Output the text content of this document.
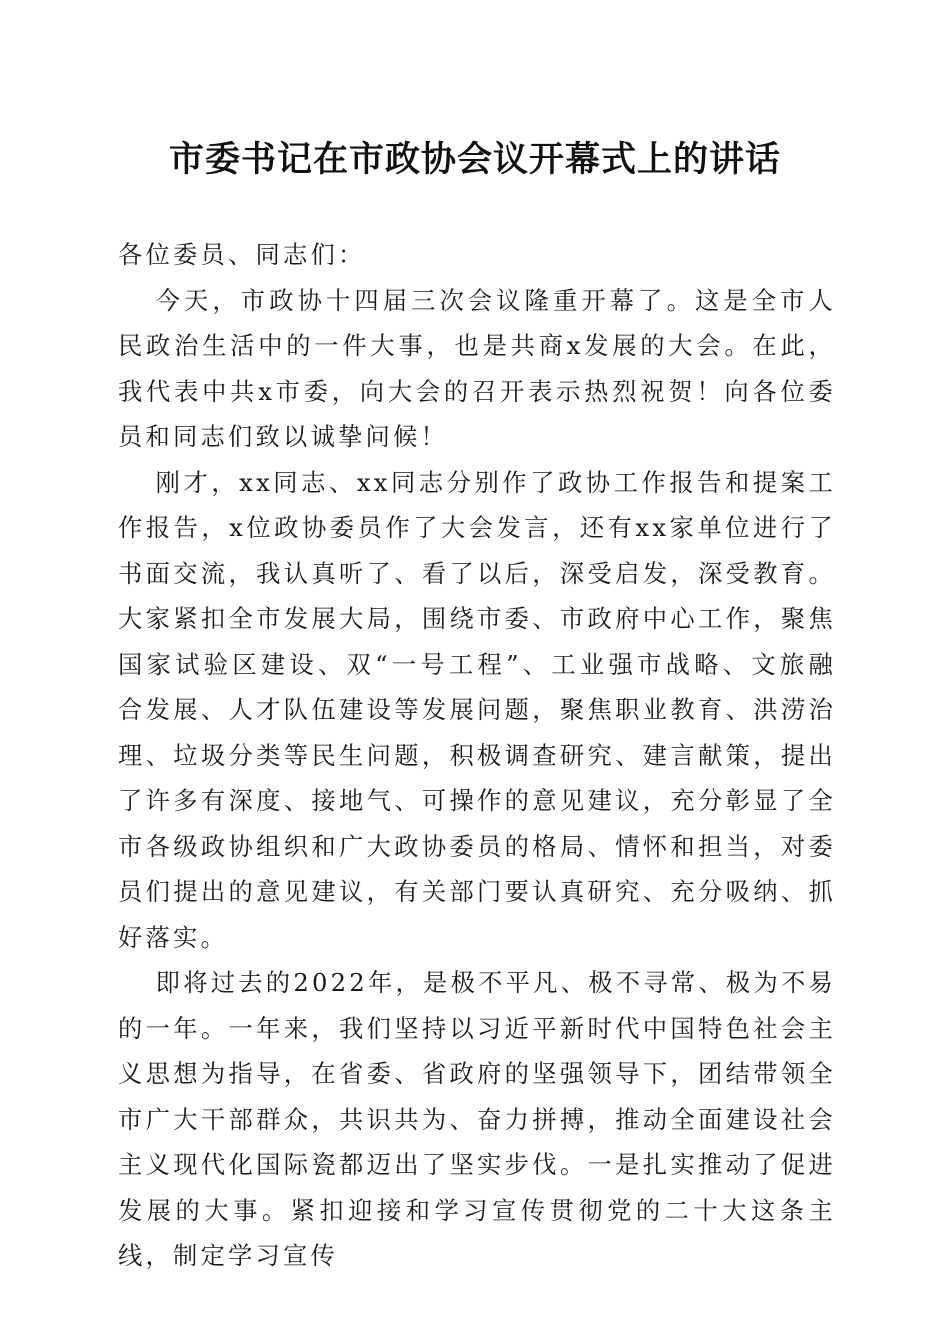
市委书记在市政协会议开幕式上的讲话

各位委员、同志们：

今天，市政协十四届三次会议隆重开幕了。这是全市人民政治生活中的一件大事，也是共商x发展的大会。在此，我代表中共x市委，向大会的召开表示热烈祝贺！向各位委员和同志们致以诚挚问候！

刚才，xx同志、xx同志分别作了政协工作报告和提案工作报告，x位政协委员作了大会发言，还有xx家单位进行了书面交流，我认真听了、看了以后，深受启发，深受教育。大家紧扣全市发展大局，围绕市委、市政府中心工作，聚焦国家试验区建设、双“一号工程”、工业强市战略、文旅融合发展、人才队伍建设等发展问题，聚焦职业教育、洪涝治理、垃圾分类等民生问题，积极调查研究、建言献策，提出了许多有深度、接地气、可操作的意见建议，充分彰显了全市各级政协组织和广大政协委员的格局、情怀和担当，对委员们提出的意见建议，有关部门要认真研究、充分吸纳、抓好落实。

即将过去的2022年，是极不平凡、极不寻常、极为不易的一年。一年来，我们坚持以习近平新时代中国特色社会主义思想为指导，在省委、省政府的坚强领导下，团结带领全市广大干部群众，共识共为、奋力拼搏，推动全面建设社会主义现代化国际瓷都迈出了坚实步伐。一是扎实推动了促进发展的大事。紧扣迎接和学习宣传贯彻党的二十大这条主线，制定学习宣传
